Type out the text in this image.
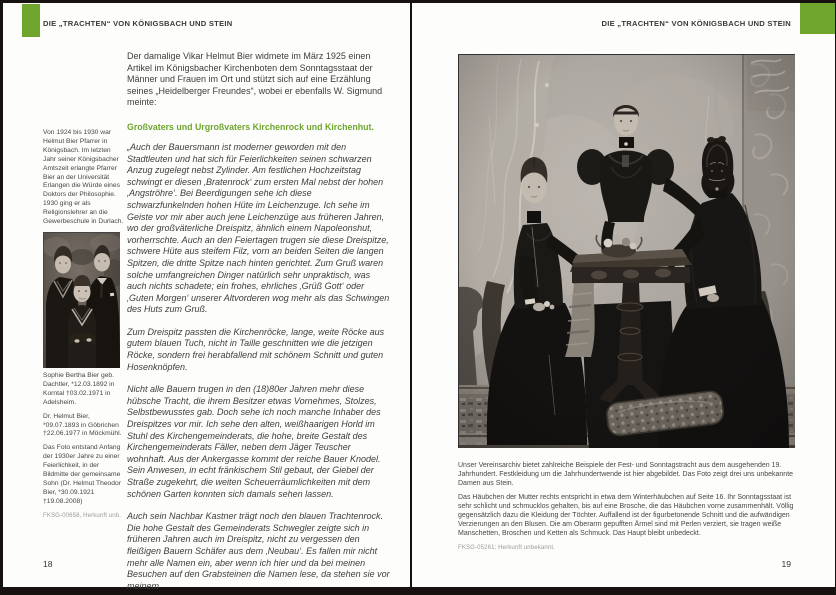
DIE „TRACHTEN“ VON KÖNIGSBACH UND STEIN
Von 1924 bis 1930 war Helmut Bier Pfarrer in Königsbach. Im letzten Jahr seiner Königsbacher Amtszeit erlangte Pfarrer Bier an der Universität Erlangen die Würde eines Doktors der Philosophie. 1930 ging er als Religionslehrer an die Gewerbeschule in Durlach.

Sophie Bertha Bier geb. Dachtler, *12.03.1892 in Korntal †03.02.1971 in Adelsheim.

Dr. Helmut Bier, *09.07.1893 in Göbrichen †22.06.1977 in Möckmühl.

Das Foto entstand Anfang der 1930er Jahre zu einer Feierlichkeit, in der Bildmitte der gemeinsame Sohn (Dr. Helmut Theodor Bier, *30.09.1921 †19.08.2008)

FKSG-00658, Herkunft unb.

Der damalige Vikar Helmut Bier widmete im März 1925 einen Artikel im Königsbacher Kirchenboten dem Sonntagsstaat der Männer und Frauen im Ort und stützt sich auf eine Erzählung seines „Heidelberger Freundes“, wobei er ebenfalls W. Sigmund meinte:

Großvaters und Urgroßvaters Kirchenrock und Kirchenhut.

„Auch der Bauersmann ist moderner geworden mit den Stadtleuten und hat sich für Feierlichkeiten seinen schwarzen Anzug zugelegt nebst Zylinder. Am festlichen Hochzeitstag schwingt er diesen ‚Bratenrock‘ zum ersten Mal nebst der hohen ‚Angströhre‘. Bei Beerdigungen sehe ich diese schwarzfunkelnden hohen Hüte im Leichenzuge. Ich sehe im Geiste vor mir aber auch jene Leichenzüge aus früheren Jahren, wo der großväterliche Dreispitz, ähnlich einem Napoleonshut, vorherrschte. Auch an den Feiertagen trugen sie diese Dreispitze, schwere Hüte aus steifem Filz, vorn an beiden Seiten die langen Spitzen, die dritte Spitze nach hinten gerichtet. Zum Gruß waren solche umfangreichen Dinger natürlich sehr unpraktisch, was auch nichts schadete; ein frohes, ehrliches ‚Grüß Gott‘ oder ‚Guten Morgen‘ unserer Altvorderen wog mehr als das Schwingen des Huts zum Gruß.

Zum Dreispitz passten die Kirchenröcke, lange, weite Röcke aus gutem blauen Tuch, nicht in Taille geschnitten wie die jetzigen Röcke, sondern frei herabfallend mit schönem Schnitt und guten Hosenknöpfen.

Nicht alle Bauern trugen in den (18)80er Jahren mehr diese hübsche Tracht, die ihrem Besitzer etwas Vornehmes, Stolzes, Selbstbewusstes gab. Doch sehe ich noch manche Inhaber des Dreispitzes vor mir. Ich sehe den alten, weißhaarigen Horld im Stuhl des Kirchengemeinderats, die hohe, breite Gestalt des Kirchengemeinderats Fäller, neben dem Jäger Teuscher wohnhaft. Aus der Ankergasse kommt der reiche Bauer Knodel. Sein Anwesen, in echt fränkischem Stil gebaut, der Giebel der Straße zugekehrt, die weiten Scheuerräumlichkeiten mit dem schönen Garten konnten sich damals sehen lassen.

Auch sein Nachbar Kastner trägt noch den blauen Trachtenrock. Die hohe Gestalt des Gemeinderats Schwegler zeigte sich in früheren Jahren auch im Dreispitz, nicht zu vergessen den fleißigen Bauern Schäfer aus dem ‚Neubau‘. Es fallen mir nicht mehr alle Namen ein, aber wenn ich hier und da bei meinen Besuchen auf den Grabsteinen die Namen lese, da stehen sie vor meinem

18
DIE „TRACHTEN“ VON KÖNIGSBACH UND STEIN

Unser Vereinsarchiv bietet zahlreiche Beispiele der Fest- und Sonntagstracht aus dem ausgehenden 19. Jahrhundert. Festkleidung um die Jahrhundertwende ist hier abgebildet. Das Foto zeigt drei uns unbekannte Damen aus Stein.

Das Häubchen der Mutter rechts entspricht in etwa dem Winterhäubchen auf Seite 16. Ihr Sonntagsstaat ist sehr schlicht und schmucklos gehalten, bis auf eine Brosche, die das Häubchen vorne zusammenhält. Völlig gegensätzlich dazu die Kleidung der Töchter. Auffallend ist der figurbetonende Schnitt und die aufwändigen Verzierungen an den Blusen. Die am Oberarm gepufften Ärmel sind mit Perlen verziert, sie tragen weiße Manschetten, Broschen und Ketten als Schmuck. Das Haupt bleibt unbedeckt.

FKSG-05261; Herkunft unbekannt.

19
